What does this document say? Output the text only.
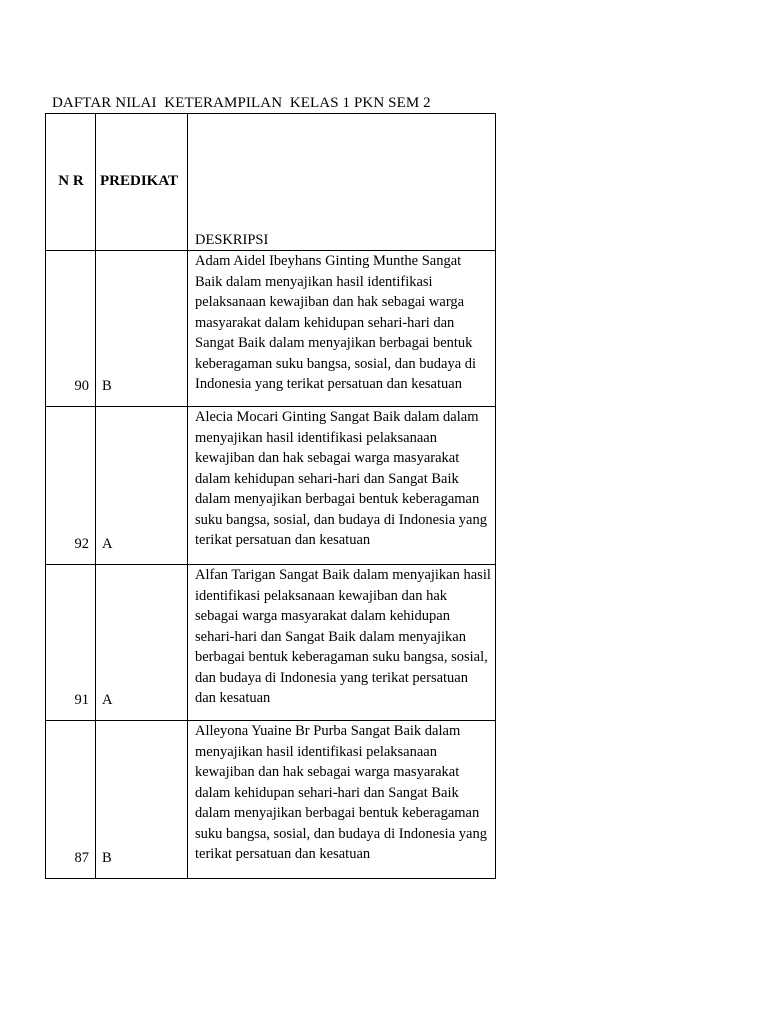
DAFTAR NILAI  KETERAMPILAN  KELAS 1 PKN SEM 2
N R	PREDIKAT	DESKRIPSI

90	B	Adam Aidel Ibeyhans Ginting Munthe Sangat Baik dalam menyajikan hasil identifikasi pelaksanaan kewajiban dan hak sebagai warga masyarakat dalam kehidupan sehari-hari dan Sangat Baik dalam menyajikan berbagai bentuk keberagaman suku bangsa, sosial, dan budaya di Indonesia yang terikat persatuan dan kesatuan
92	A	Alecia Mocari Ginting Sangat Baik dalam dalam menyajikan hasil identifikasi pelaksanaan kewajiban dan hak sebagai warga masyarakat dalam kehidupan sehari-hari dan Sangat Baik dalam menyajikan berbagai bentuk keberagaman suku bangsa, sosial, dan budaya di Indonesia yang terikat persatuan dan kesatuan
91	A	Alfan Tarigan Sangat Baik dalam menyajikan hasil identifikasi pelaksanaan kewajiban dan hak sebagai warga masyarakat dalam kehidupan sehari-hari dan Sangat Baik dalam menyajikan berbagai bentuk keberagaman suku bangsa, sosial, dan budaya di Indonesia yang terikat persatuan dan kesatuan
87	B	Alleyona Yuaine Br Purba Sangat Baik dalam menyajikan hasil identifikasi pelaksanaan kewajiban dan hak sebagai warga masyarakat dalam kehidupan sehari-hari dan Sangat Baik dalam menyajikan berbagai bentuk keberagaman suku bangsa, sosial, dan budaya di Indonesia yang terikat persatuan dan kesatuan
